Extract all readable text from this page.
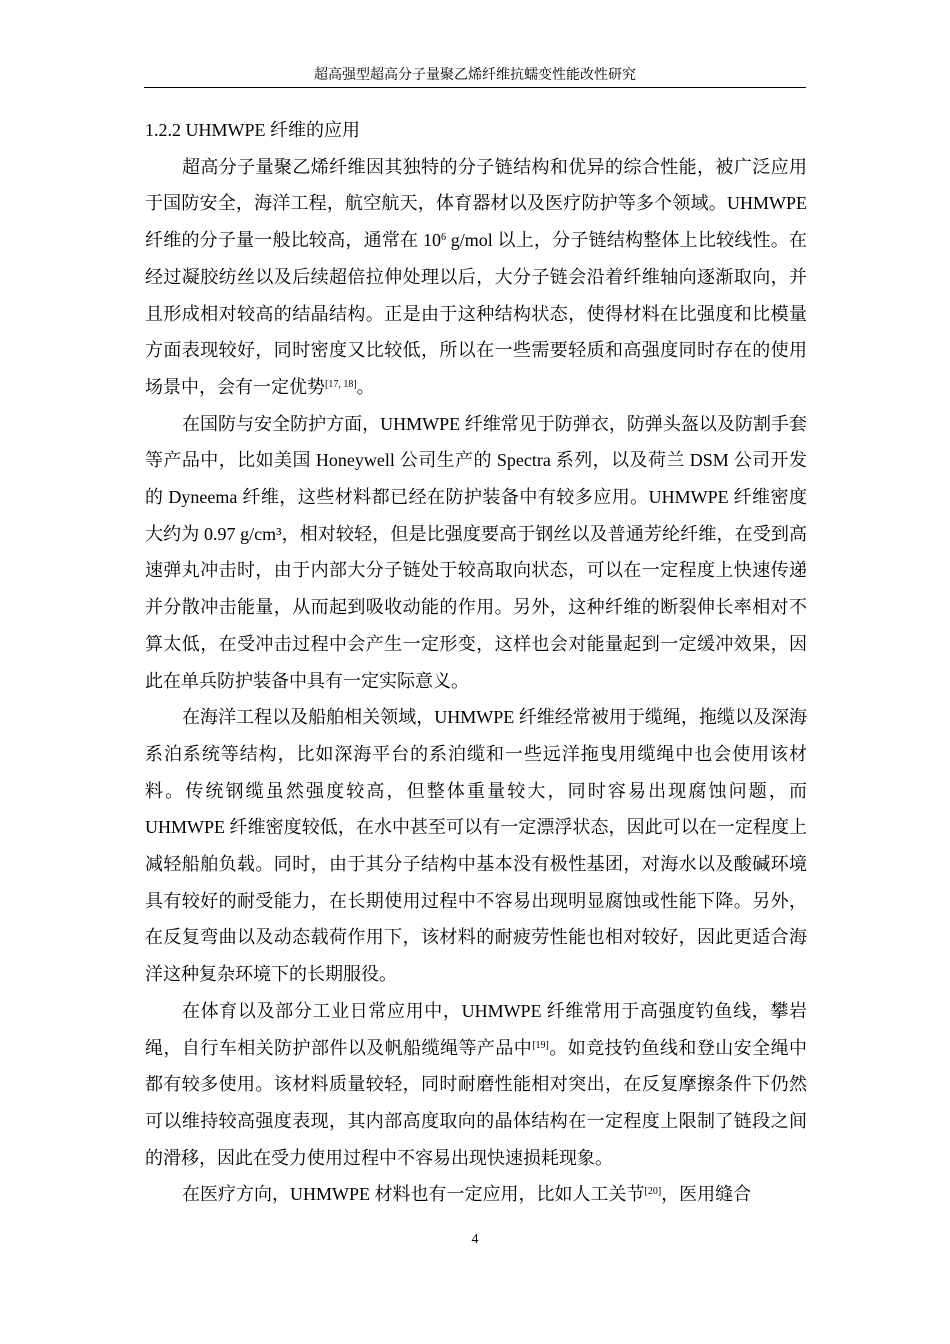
超高强型超高分子量聚乙烯纤维抗蠕变性能改性研究

1.2.2 UHMWPE 纤维的应用

超高分子量聚乙烯纤维因其独特的分子链结构和优异的综合性能，被广泛应用于国防安全，海洋工程，航空航天，体育器材以及医疗防护等多个领域。UHMWPE 纤维的分子量一般比较高，通常在 $10^6$ g/mol 以上，分子链结构整体上比较线性。在经过凝胶纺丝以及后续超倍拉伸处理以后，大分子链会沿着纤维轴向逐渐取向，并且形成相对较高的结晶结构。正是由于这种结构状态，使得材料在比强度和比模量方面表现较好，同时密度又比较低，所以在一些需要轻质和高强度同时存在的使用场景中，会有一定优势[17, 18]。

在国防与安全防护方面，UHMWPE 纤维常见于防弹衣，防弹头盔以及防割手套等产品中，比如美国 Honeywell 公司生产的 Spectra 系列，以及荷兰 DSM 公司开发的 Dyneema 纤维，这些材料都已经在防护装备中有较多应用。UHMWPE 纤维密度大约为 0.97 g/cm³，相对较轻，但是比强度要高于钢丝以及普通芳纶纤维，在受到高速弹丸冲击时，由于内部大分子链处于较高取向状态，可以在一定程度上快速传递并分散冲击能量，从而起到吸收动能的作用。另外，这种纤维的断裂伸长率相对不算太低，在受冲击过程中会产生一定形变，这样也会对能量起到一定缓冲效果，因此在单兵防护装备中具有一定实际意义。

在海洋工程以及船舶相关领域，UHMWPE 纤维经常被用于缆绳，拖缆以及深海系泊系统等结构，比如深海平台的系泊缆和一些远洋拖曳用缆绳中也会使用该材料。传统钢缆虽然强度较高，但整体重量较大，同时容易出现腐蚀问题，而 UHMWPE 纤维密度较低，在水中甚至可以有一定漂浮状态，因此可以在一定程度上减轻船舶负载。同时，由于其分子结构中基本没有极性基团，对海水以及酸碱环境具有较好的耐受能力，在长期使用过程中不容易出现明显腐蚀或性能下降。另外，在反复弯曲以及动态载荷作用下，该材料的耐疲劳性能也相对较好，因此更适合海洋这种复杂环境下的长期服役。

在体育以及部分工业日常应用中，UHMWPE 纤维常用于高强度钓鱼线，攀岩绳，自行车相关防护部件以及帆船缆绳等产品中[19]。如竞技钓鱼线和登山安全绳中都有较多使用。该材料质量较轻，同时耐磨性能相对突出，在反复摩擦条件下仍然可以维持较高强度表现，其内部高度取向的晶体结构在一定程度上限制了链段之间的滑移，因此在受力使用过程中不容易出现快速损耗现象。

在医疗方向，UHMWPE 材料也有一定应用，比如人工关节[20]，医用缝合

4
